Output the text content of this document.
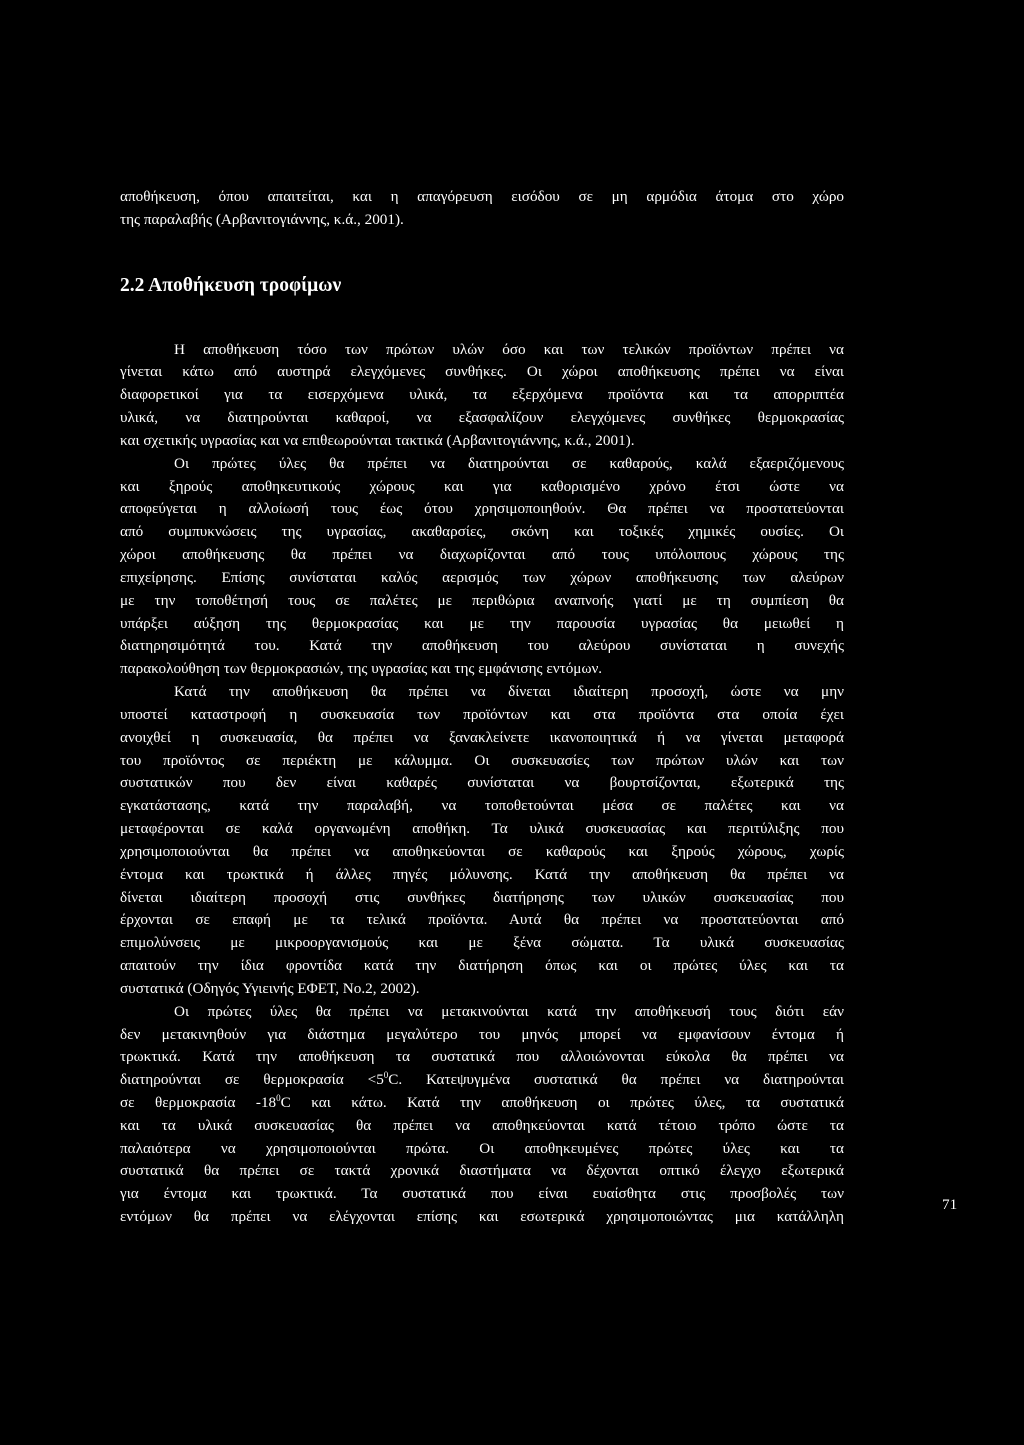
αποθήκευση, όπου απαιτείται, και η απαγόρευση εισόδου σε μη αρμόδια άτομα στο χώρο
της παραλαβής (Αρβανιτογιάννης, κ.ά., 2001).
2.2 Αποθήκευση τροφίμων
Η αποθήκευση τόσο των πρώτων υλών όσο και των τελικών προϊόντων πρέπει να
γίνεται κάτω από αυστηρά ελεγχόμενες συνθήκες. Οι χώροι αποθήκευσης πρέπει να είναι
διαφορετικοί για τα εισερχόμενα υλικά, τα εξερχόμενα προϊόντα και τα απορριπτέα
υλικά, να διατηρούνται καθαροί, να εξασφαλίζουν ελεγχόμενες συνθήκες θερμοκρασίας
και σχετικής υγρασίας και να επιθεωρούνται τακτικά (Αρβανιτογιάννης, κ.ά., 2001).
Οι πρώτες ύλες θα πρέπει να διατηρούνται σε καθαρούς, καλά εξαεριζόμενους
και ξηρούς αποθηκευτικούς χώρους και για καθορισμένο χρόνο έτσι ώστε να
αποφεύγεται η αλλοίωσή τους έως ότου χρησιμοποιηθούν. Θα πρέπει να προστατεύονται
από συμπυκνώσεις της υγρασίας, ακαθαρσίες, σκόνη και τοξικές χημικές ουσίες. Οι
χώροι αποθήκευσης θα πρέπει να διαχωρίζονται από τους υπόλοιπους χώρους της
επιχείρησης. Επίσης συνίσταται καλός αερισμός των χώρων αποθήκευσης των αλεύρων
με την τοποθέτησή τους σε παλέτες με περιθώρια αναπνοής γιατί με τη συμπίεση θα
υπάρξει αύξηση της θερμοκρασίας και με την παρουσία υγρασίας θα μειωθεί η
διατηρησιμότητά του. Κατά την αποθήκευση του αλεύρου συνίσταται η συνεχής
παρακολούθηση των θερμοκρασιών, της υγρασίας και της εμφάνισης εντόμων.
Κατά την αποθήκευση θα πρέπει να δίνεται ιδιαίτερη προσοχή, ώστε να μην
υποστεί καταστροφή η συσκευασία των προϊόντων και στα προϊόντα στα οποία έχει
ανοιχθεί η συσκευασία, θα πρέπει να ξανακλείνετε ικανοποιητικά ή να γίνεται μεταφορά
του προϊόντος σε περιέκτη με κάλυμμα. Οι συσκευασίες των πρώτων υλών και των
συστατικών που δεν είναι καθαρές συνίσταται να βουρτσίζονται, εξωτερικά της
εγκατάστασης, κατά την παραλαβή, να τοποθετούνται μέσα σε παλέτες και να
μεταφέρονται σε καλά οργανωμένη αποθήκη. Τα υλικά συσκευασίας και περιτύλιξης που
χρησιμοποιούνται θα πρέπει να αποθηκεύονται σε καθαρούς και ξηρούς χώρους, χωρίς
έντομα και τρωκτικά ή άλλες πηγές μόλυνσης. Κατά την αποθήκευση θα πρέπει να
δίνεται ιδιαίτερη προσοχή στις συνθήκες διατήρησης των υλικών συσκευασίας που
έρχονται σε επαφή με τα τελικά προϊόντα. Αυτά θα πρέπει να προστατεύονται από
επιμολύνσεις με μικροοργανισμούς και με ξένα σώματα. Τα υλικά συσκευασίας
απαιτούν την ίδια φροντίδα κατά την διατήρηση όπως και οι πρώτες ύλες και τα
συστατικά (Οδηγός Υγιεινής ΕΦΕΤ, Νο.2, 2002).
Οι πρώτες ύλες θα πρέπει να μετακινούνται κατά την αποθήκευσή τους διότι εάν
δεν μετακινηθούν για διάστημα μεγαλύτερο του μηνός μπορεί να εμφανίσουν έντομα ή
τρωκτικά. Κατά την αποθήκευση τα συστατικά που αλλοιώνονται εύκολα θα πρέπει να
διατηρούνται σε $\theta\varepsilon\rho\mu o\kappa\rho\alpha\sigma ί\alpha <5^0C$. Κατεψυγμένα συστατικά θα πρέπει να διατηρούνται
σε θερμοκρασία $-18^0C$ και κάτω. Κατά την αποθήκευση οι πρώτες ύλες, τα συστατικά
και τα υλικά συσκευασίας θα πρέπει να αποθηκεύονται κατά τέτοιο τρόπο ώστε τα
παλαιότερα να χρησιμοποιούνται πρώτα. Οι αποθηκευμένες πρώτες ύλες και τα
συστατικά θα πρέπει σε τακτά χρονικά διαστήματα να δέχονται οπτικό έλεγχο εξωτερικά
για έντομα και τρωκτικά. Τα συστατικά που είναι ευαίσθητα στις προσβολές των
εντόμων θα πρέπει να ελέγχονται επίσης και εσωτερικά χρησιμοποιώντας μια κατάλληλη
71
